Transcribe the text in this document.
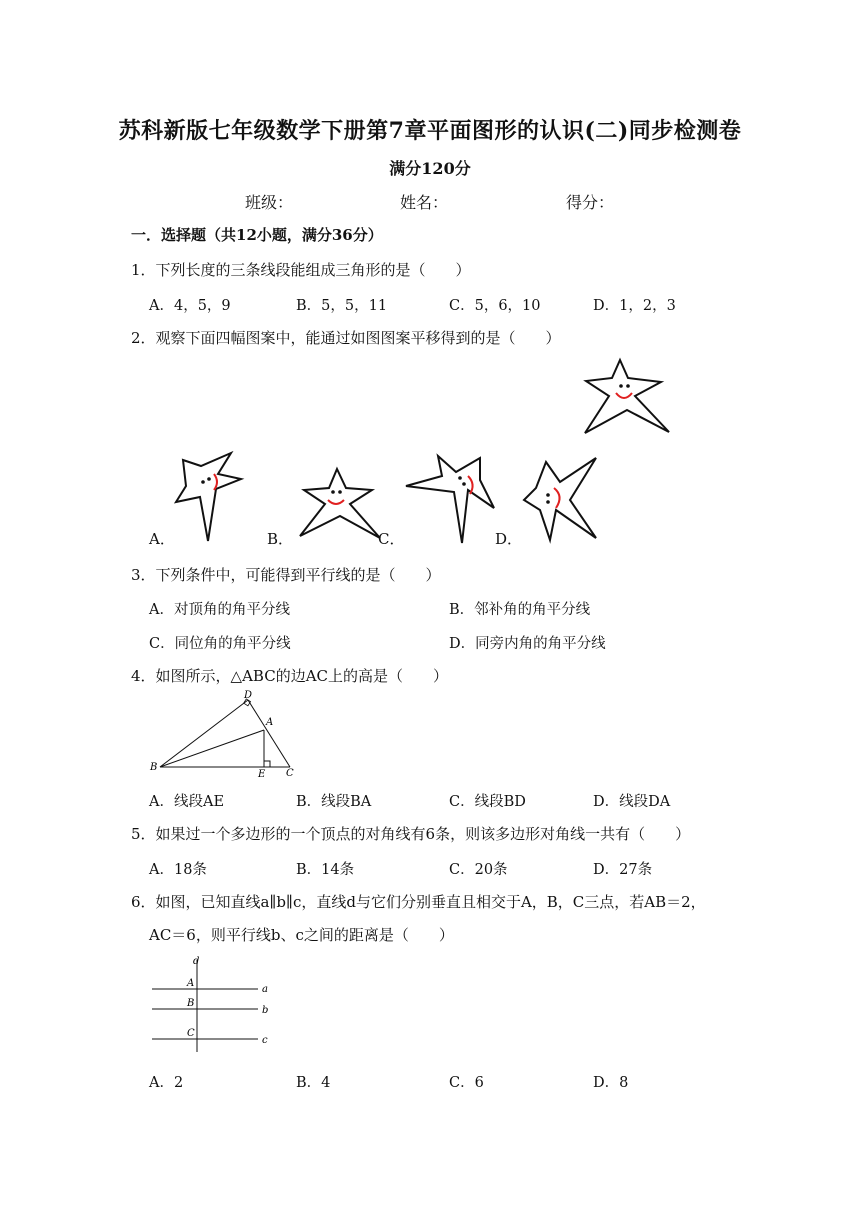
苏科新版七年级数学下册第7章平面图形的认识(二)同步检测卷
满分120分
班级：	姓名：	得分：
一．选择题（共12小题，满分36分）
1．下列长度的三条线段能组成三角形的是（　　）
A．4，5，9	B．5，5，11	C．5，6，10	D．1，2，3
2．观察下面四幅图案中，能通过如图图案平移得到的是（　　）
A．	B．	C．	D．
3．下列条件中，可能得到平行线的是（　　）
A．对顶角的角平分线	B．邻补角的角平分线
C．同位角的角平分线	D．同旁内角的角平分线
4．如图所示，△ABC的边AC上的高是（　　）
D
A
B
E C
A．线段AE	B．线段BA	C．线段BD	D．线段DA
5．如果过一个多边形的一个顶点的对角线有6条，则该多边形对角线一共有（　　）
A．18条	B．14条	C．20条	D．27条
6．如图，已知直线a∥b∥c，直线d与它们分别垂直且相交于A，B，C三点，若AB＝2，
AC＝6，则平行线b、c之间的距离是（　　）
d
A
B
C
a
b
c
A．2	B．4	C．6	D．8
